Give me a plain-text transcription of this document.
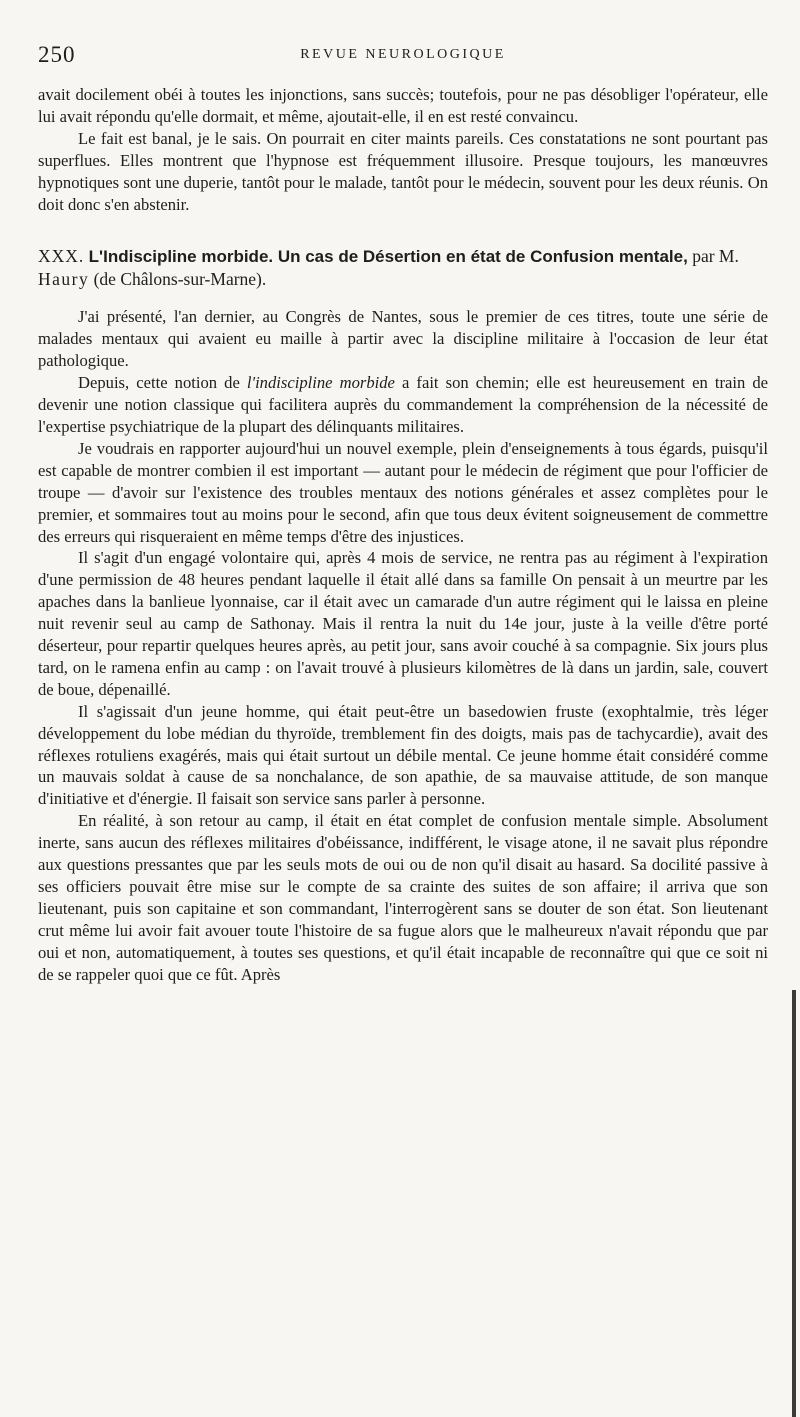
250	REVUE NEUROLOGIQUE

avait docilement obéi à toutes les injonctions, sans succès; toutefois, pour ne pas désobliger l'opérateur, elle lui avait répondu qu'elle dormait, et même, ajoutait-elle, il en est resté convaincu.

Le fait est banal, je le sais. On pourrait en citer maints pareils. Ces constatations ne sont pourtant pas superflues. Elles montrent que l'hypnose est fréquemment illusoire. Presque toujours, les manœuvres hypnotiques sont une duperie, tantôt pour le malade, tantôt pour le médecin, souvent pour les deux réunis. On doit donc s'en abstenir.

XXX. L'Indiscipline morbide. Un cas de Désertion en état de Confusion mentale, par M. Haury (de Châlons-sur-Marne).

J'ai présenté, l'an dernier, au Congrès de Nantes, sous le premier de ces titres, toute une série de malades mentaux qui avaient eu maille à partir avec la discipline militaire à l'occasion de leur état pathologique.

Depuis, cette notion de l'indiscipline morbide a fait son chemin; elle est heureusement en train de devenir une notion classique qui facilitera auprès du commandement la compréhension de la nécessité de l'expertise psychiatrique de la plupart des délinquants militaires.

Je voudrais en rapporter aujourd'hui un nouvel exemple, plein d'enseignements à tous égards, puisqu'il est capable de montrer combien il est important — autant pour le médecin de régiment que pour l'officier de troupe — d'avoir sur l'existence des troubles mentaux des notions générales et assez complètes pour le premier, et sommaires tout au moins pour le second, afin que tous deux évitent soigneusement de commettre des erreurs qui risqueraient en même temps d'être des injustices.

Il s'agit d'un engagé volontaire qui, après 4 mois de service, ne rentra pas au régiment à l'expiration d'une permission de 48 heures pendant laquelle il était allé dans sa famille On pensait à un meurtre par les apaches dans la banlieue lyonnaise, car il était avec un camarade d'un autre régiment qui le laissa en pleine nuit revenir seul au camp de Sathonay. Mais il rentra la nuit du 14e jour, juste à la veille d'être porté déserteur, pour repartir quelques heures après, au petit jour, sans avoir couché à sa compagnie. Six jours plus tard, on le ramena enfin au camp : on l'avait trouvé à plusieurs kilomètres de là dans un jardin, sale, couvert de boue, dépenaillé.

Il s'agissait d'un jeune homme, qui était peut-être un basedowien fruste (exophtalmie, très léger développement du lobe médian du thyroïde, tremblement fin des doigts, mais pas de tachycardie), avait des réflexes rotuliens exagérés, mais qui était surtout un débile mental. Ce jeune homme était considéré comme un mauvais soldat à cause de sa nonchalance, de son apathie, de sa mauvaise attitude, de son manque d'initiative et d'énergie. Il faisait son service sans parler à personne.

En réalité, à son retour au camp, il était en état complet de confusion mentale simple. Absolument inerte, sans aucun des réflexes militaires d'obéissance, indifférent, le visage atone, il ne savait plus répondre aux questions pressantes que par les seuls mots de oui ou de non qu'il disait au hasard. Sa docilité passive à ses officiers pouvait être mise sur le compte de sa crainte des suites de son affaire; il arriva que son lieutenant, puis son capitaine et son commandant, l'interrogèrent sans se douter de son état. Son lieutenant crut même lui avoir fait avouer toute l'histoire de sa fugue alors que le malheureux n'avait répondu que par oui et non, automatiquement, à toutes ses questions, et qu'il était incapable de reconnaître qui que ce soit ni de se rappeler quoi que ce fût. Après
